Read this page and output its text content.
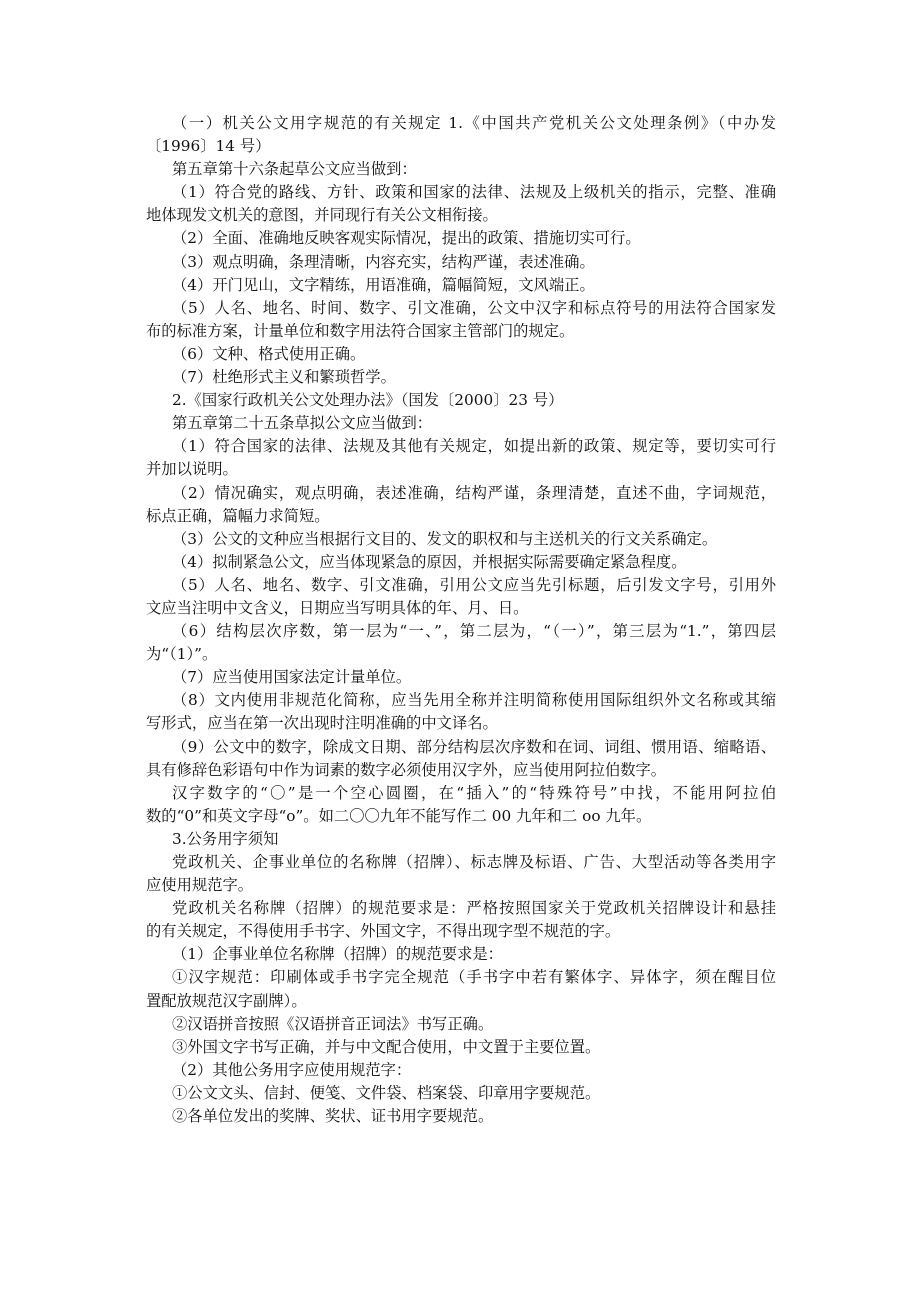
（一）机关公文用字规范的有关规定 1.《中国共产党机关公文处理条例》（中办发
〔1996〕14 号）
第五章第十六条起草公文应当做到：
（1）符合党的路线、方针、政策和国家的法律、法规及上级机关的指示，完整、准确
地体现发文机关的意图，并同现行有关公文相衔接。
（2）全面、准确地反映客观实际情况，提出的政策、措施切实可行。
（3）观点明确，条理清晰，内容充实，结构严谨，表述准确。
（4）开门见山，文字精练，用语准确，篇幅简短，文风端正。
（5）人名、地名、时间、数字、引文准确，公文中汉字和标点符号的用法符合国家发
布的标准方案，计量单位和数字用法符合国家主管部门的规定。
（6）文种、格式使用正确。
（7）杜绝形式主义和繁琐哲学。
2.《国家行政机关公文处理办法》（国发〔2000〕23 号）
第五章第二十五条草拟公文应当做到：
（1）符合国家的法律、法规及其他有关规定，如提出新的政策、规定等，要切实可行
并加以说明。
（2）情况确实，观点明确，表述准确，结构严谨，条理清楚，直述不曲，字词规范，
标点正确，篇幅力求简短。
（3）公文的文种应当根据行文目的、发文的职权和与主送机关的行文关系确定。
（4）拟制紧急公文，应当体现紧急的原因，并根据实际需要确定紧急程度。
（5）人名、地名、数字、引文准确，引用公文应当先引标题，后引发文字号，引用外
文应当注明中文含义，日期应当写明具体的年、月、日。
（6）结构层次序数，第一层为“一、”，第二层为，“（一）”，第三层为“1.”，第四层
为“（1）”。
（7）应当使用国家法定计量单位。
（8）文内使用非规范化简称，应当先用全称并注明简称使用国际组织外文名称或其缩
写形式，应当在第一次出现时注明准确的中文译名。
（9）公文中的数字，除成文日期、部分结构层次序数和在词、词组、惯用语、缩略语、
具有修辞色彩语句中作为词素的数字必须使用汉字外，应当使用阿拉伯数字。
汉字数字的“〇”是一个空心圆圈，在“插入”的“特殊符号”中找，不能用阿拉伯
数的“0”和英文字母“o”。如二〇〇九年不能写作二 00 九年和二 oo 九年。
3.公务用字须知
党政机关、企事业单位的名称牌（招牌）、标志牌及标语、广告、大型活动等各类用字
应使用规范字。
党政机关名称牌（招牌）的规范要求是：严格按照国家关于党政机关招牌设计和悬挂
的有关规定，不得使用手书字、外国文字，不得出现字型不规范的字。
（1）企事业单位名称牌（招牌）的规范要求是：
①汉字规范：印刷体或手书字完全规范（手书字中若有繁体字、异体字，须在醒目位
置配放规范汉字副牌）。
②汉语拼音按照《汉语拼音正词法》书写正确。
③外国文字书写正确，并与中文配合使用，中文置于主要位置。
（2）其他公务用字应使用规范字：
①公文文头、信封、便笺、文件袋、档案袋、印章用字要规范。
②各单位发出的奖牌、奖状、证书用字要规范。
